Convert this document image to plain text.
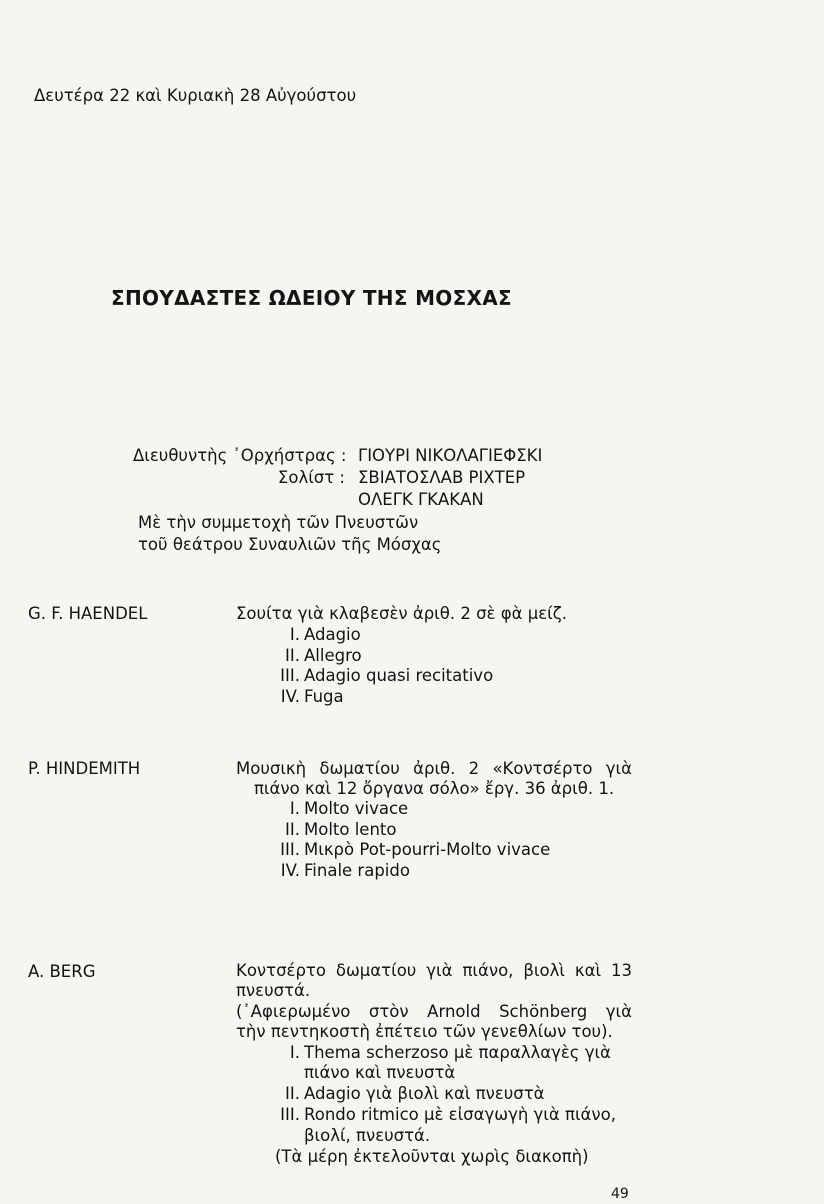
Δευτέρα 22 καὶ Κυριακὴ 28 Αὐγούστου
ΣΠΟΥΔΑΣΤΕΣ ΩΔΕΙΟΥ ΤΗΣ ΜΟΣΧΑΣ
Διευθυντὴς ᾽Ορχήστρας : ΓΙΟΥΡΙ ΝΙΚΟΛΑΓΙΕΦΣΚΙ
Σολίστ : ΣΒΙΑΤΟΣΛΑΒ ΡΙΧΤΕΡ
ΟΛΕΓΚ ΓΚΑΚΑΝ
Μὲ τὴν συμμετοχὴ τῶν Πνευστῶν
τοῦ θεάτρου Συναυλιῶν τῆς Μόσχας
G. F. HAENDEL	Σουίτα γιὰ κλαβεσὲν ἀριθ. 2 σὲ φὰ μείζ.
I. Adagio
II. Allegro
III. Adagio quasi recitativo
IV. Fuga
P. HINDEMITH	Μουσικὴ δωματίου ἀριθ. 2 «Κοντσέρτο γιὰ
πιάνο καὶ 12 ὄργανα σόλο» ἔργ. 36 ἀριθ. 1.
I. Molto vivace
II. Molto lento
III. Μικρὸ Pot-pourri-Molto vivace
IV. Finale rapido
A. BERG	Κοντσέρτο δωματίου γιὰ πιάνο, βιολὶ καὶ 13
πνευστά.
(᾽Αφιερωμένο στὸν Arnold Schönberg γιὰ
τὴν πεντηκοστὴ ἐπέτειο τῶν γενεθλίων του).
I. Thema scherzoso μὲ παραλλαγὲς γιὰ
πιάνο καὶ πνευστὰ
II. Adagio γιὰ βιολὶ καὶ πνευστὰ
III. Rondo ritmico μὲ εἰσαγωγὴ γιὰ πιάνο,
βιολί, πνευστά.
(Τὰ μέρη ἐκτελοῦνται χωρὶς διακοπὴ)
49
